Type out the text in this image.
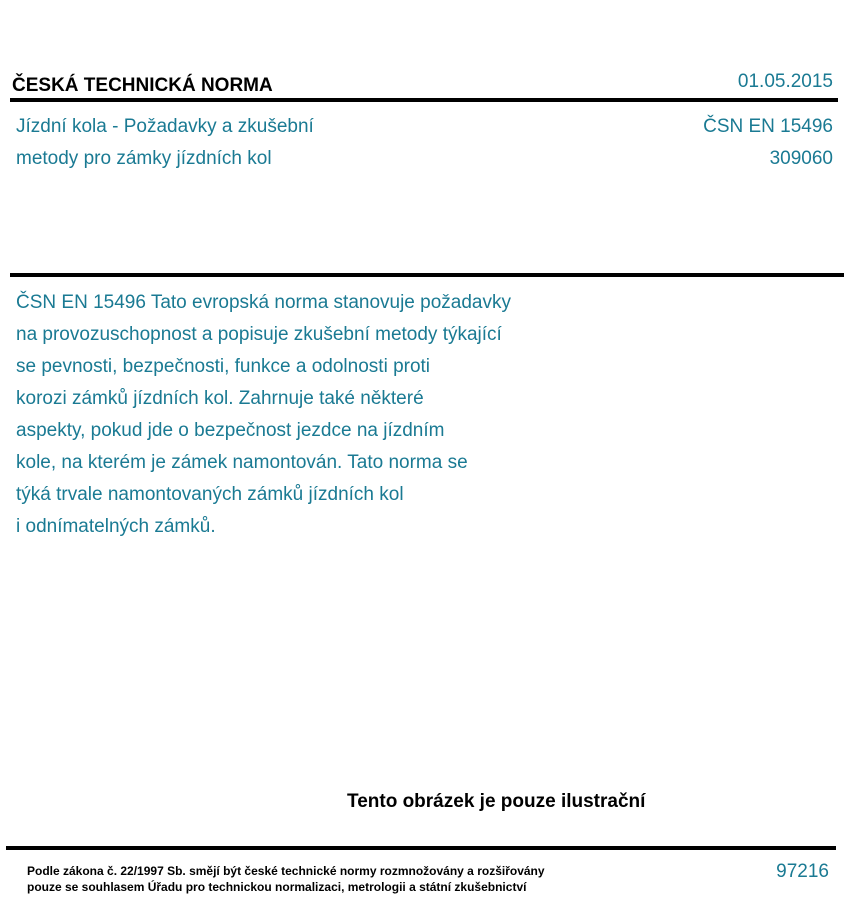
ČESKÁ TECHNICKÁ NORMA	01.05.2015
Jízdní kola - Požadavky a zkušební
metody pro zámky jízdních kol
ČSN EN 15496
309060
ČSN EN 15496 Tato evropská norma stanovuje požadavky
na provozuschopnost a popisuje zkušební metody týkající
se pevnosti, bezpečnosti, funkce a odolnosti proti
korozi zámků jízdních kol. Zahrnuje také některé
aspekty, pokud jde o bezpečnost jezdce na jízdním
kole, na kterém je zámek namontován. Tato norma se
týká trvale namontovaných zámků jízdních kol
i odnímatelných zámků.
Tento obrázek je pouze ilustrační
Podle zákona č. 22/1997 Sb. smějí být české technické normy rozmnožovány a rozšiřovány
pouze se souhlasem Úřadu pro technickou normalizaci, metrologii a státní zkušebnictví
97216
